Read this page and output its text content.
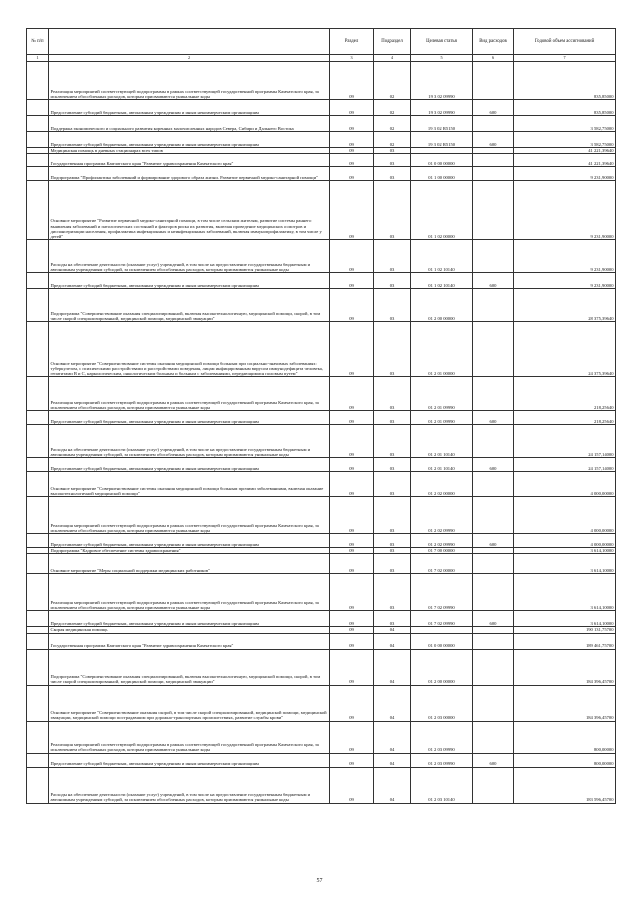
№ п/п		Раздел	Подраздел	Целевая статья	Вид расходов	Годовой объем ассигнований
1	2	3	4	5	6	7
	Реализация мероприятий соответствующей подпрограммы в рамках соответствующей государственной программы Камчатского края, за исключением обособленных расходов, которым присваиваются уникальные коды	09	02	19 3 02 09990		835,85000
	Предоставление субсидий бюджетным, автономным учреждениям и иным некоммерческим организациям	09	02	19 3 02 09990	600	835,85000
	Поддержка экономического и социального развития коренных малочисленных народов Севера, Сибири и Дальнего Востока	09	02	19 3 02 R5150		3 582,75000
	Предоставление субсидий бюджетным, автономным учреждениям и иным некоммерческим организациям	09	02	19 3 02 R5150	600	3 582,75000
	Медицинская помощь в дневных стационарах всех типов	09	03			41 221,39640
	Государственная программа Камчатского края "Развитие здравоохранения Камчатского края"	09	03	01 0 00 00000		41 221,39640
	Подпрограмма "Профилактика заболеваний и формирование здорового образа жизни. Развитие первичной медико-санитарной помощи"	09	03	01 1 00 00000		9 231,90000
	Основное мероприятие "Развитие первичной медико-санитарной помощи, в том числе сельским жителям, развитие системы раннего выявления заболеваний и патологических состояний и факторов риска их развития, включая проведение медицинских осмотров и диспансеризации населения, профилактика инфекционных и неинфекционных заболеваний, включая иммунопрофилактику, в том числе у детей"	09	03	01 1 02 00000		9 231,90000
	Расходы на обеспечение деятельности (оказание услуг) учреждений, в том числе на предоставление государственным бюджетным и автономным учреждениям субсидий, за исключением обособленных расходов, которым присваиваются уникальные коды	09	03	01 1 02 10140		9 231,90000
	Предоставление субсидий бюджетным, автономным учреждениям и иным некоммерческим организациям	09	03	01 1 02 10140	600	9 231,90000
	Подпрограмма "Совершенствование оказания специализированной, включая высокотехнологичную, медицинской помощи, скорой, в том числе скорой специализированной, медицинской помощи, медицинской эвакуации"	09	03	01 2 00 00000		28 375,39640
	Основное мероприятие "Совершенствование системы оказания медицинской помощи больным при социально-значимых заболеваниях: туберкулезом, с психическими расстройствами и расстройствами поведения, лицам инфицированным вирусом иммунодефицита человека, гепатитами В и С, наркологическим, онкологическим больным и больным с заболеваниями, передающимися половым путем"	09	03	01 2 01 00000		24 375,39640
	Реализация мероприятий соответствующей подпрограммы в рамках соответствующей государственной программы Камчатского края, за исключением обособленных расходов, которым присваиваются уникальные коды	09	03	01 2 01 09990		218,25640
	Предоставление субсидий бюджетным, автономным учреждениям и иным некоммерческим организациям	09	03	01 2 01 09990	600	218,25640
	Расходы на обеспечение деятельности (оказание услуг) учреждений, в том числе на предоставление государственным бюджетным и автономным учреждениям субсидий, за исключением обособленных расходов, которым присваиваются уникальные коды	09	03	01 2 01 10140		24 157,14000
	Предоставление субсидий бюджетным, автономным учреждениям и иным некоммерческим организациям	09	03	01 2 01 10140	600	24 157,14000
	Основное мероприятие "Совершенствование системы оказания медицинской помощи больным прочими заболеваниями, включая оказание высокотехнологичной медицинской помощи"	09	03	01 2 02 00000		4 000,00000
	Реализация мероприятий соответствующей подпрограммы в рамках соответствующей государственной программы Камчатского края, за исключением обособленных расходов, которым присваиваются уникальные коды	09	03	01 2 02 09990		4 000,00000
	Предоставление субсидий бюджетным, автономным учреждениям и иным некоммерческим организациям	09	03	01 2 02 09990	600	4 000,00000
	Подпрограмма "Кадровое обеспечение системы здравоохранения"	09	03	01 7 00 00000		3 614,10000
	Основное мероприятие "Меры социальной поддержки медицинских работников"	09	03	01 7 02 00000		3 614,10000
	Реализация мероприятий соответствующей подпрограммы в рамках соответствующей государственной программы Камчатского края, за исключением обособленных расходов, которым присваиваются уникальные коды	09	03	01 7 02 09990		3 614,10000
	Предоставление субсидий бюджетным, автономным учреждениям и иным некоммерческим организациям	09	03	01 7 02 09990	600	3 614,10000
	Скорая медицинская помощь	09	04			190 131,75700
	Государственная программа Камчатского края "Развитие здравоохранения Камчатского края"	09	04	01 0 00 00000		189 461,75700
	Подпрограмма "Совершенствование оказания специализированной, включая высокотехнологичную, медицинской помощи, скорой, в том числе скорой специализированной, медицинской помощи, медицинской эвакуации"	09	04	01 2 00 00000		184 396,45700
	Основное мероприятие "Совершенствование оказания скорой, в том числе скорой специализированной, медицинской помощи, медицинской эвакуации, медицинской помощи пострадавшим при дорожно-транспортных происшествиях, развитие службы крови"	09	04	01 2 03 00000		184 396,45700
	Реализация мероприятий соответствующей подпрограммы в рамках соответствующей государственной программы Камчатского края, за исключением обособленных расходов, которым присваиваются уникальные коды	09	04	01 2 03 09990		800,00000
	Предоставление субсидий бюджетным, автономным учреждениям и иным некоммерческим организациям	09	04	01 2 03 09990	600	800,00000
	Расходы на обеспечение деятельности (оказание услуг) учреждений, в том числе на предоставление государственным бюджетным и автономным учреждениям субсидий, за исключением обособленных расходов, которым присваиваются уникальные коды	09	04	01 2 03 10140		183 596,45700
57
